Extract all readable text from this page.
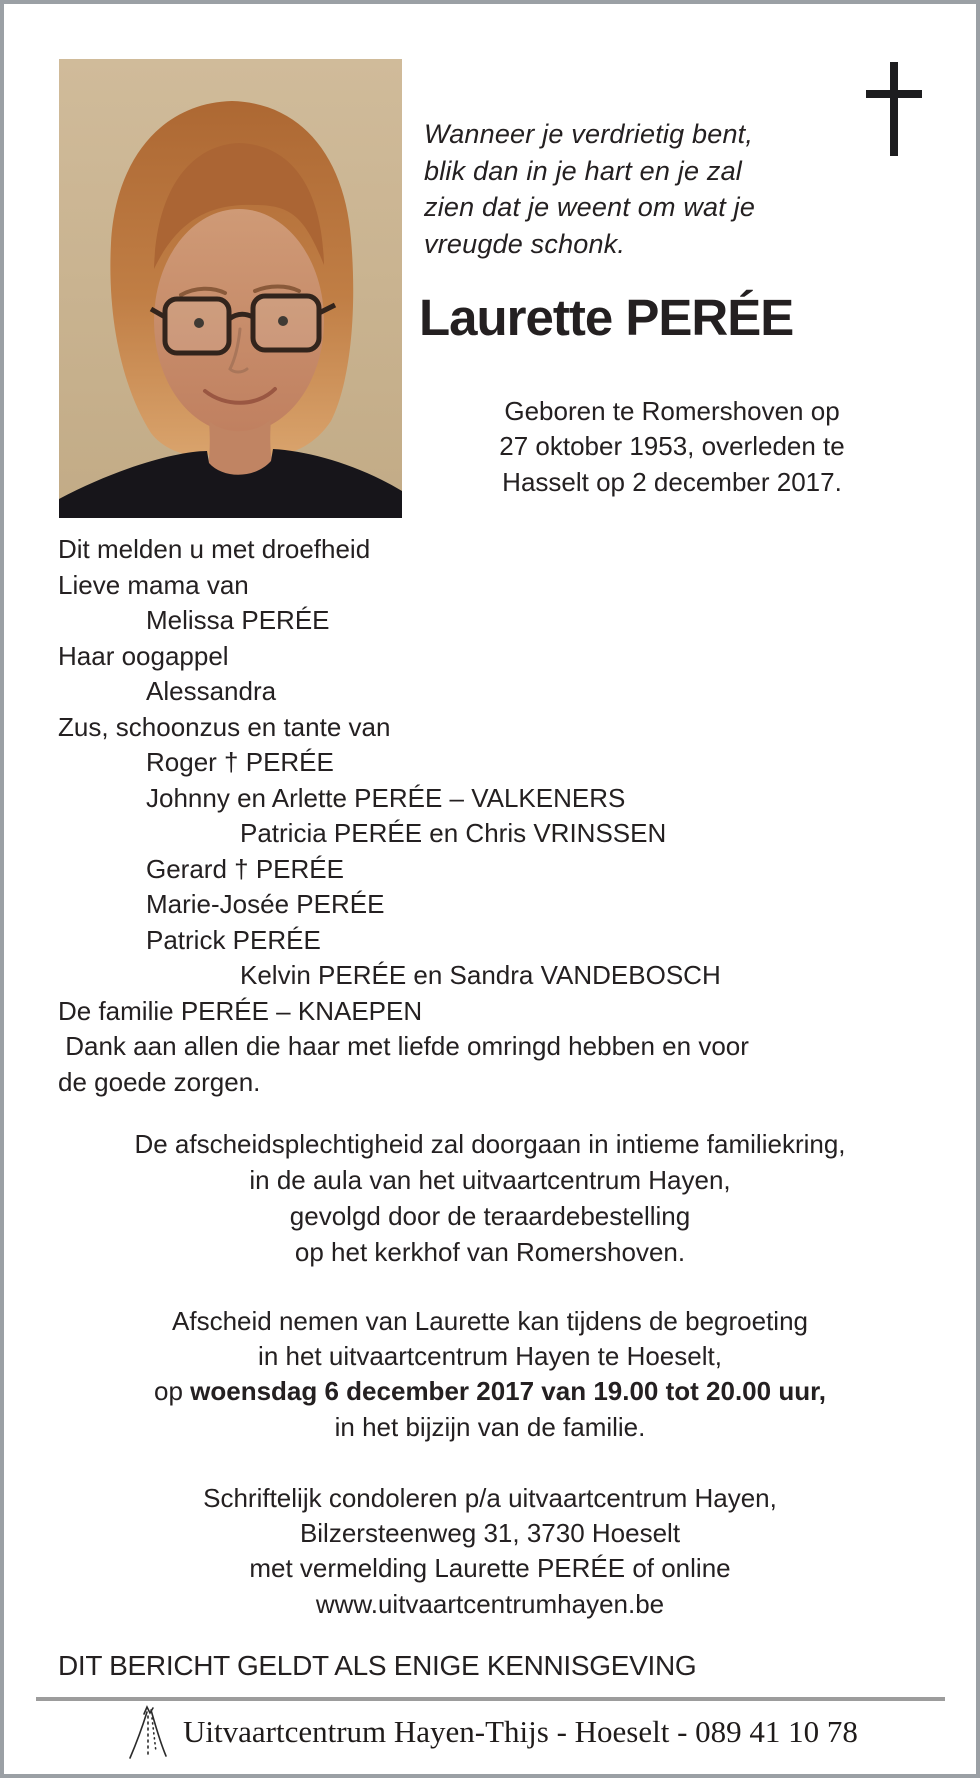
Wanneer je verdrietig bent,
blik dan in je hart en je zal
zien dat je weent om wat je
vreugde schonk.
Laurette PERÉE
Geboren te Romershoven op
27 oktober 1953, overleden te
Hasselt op 2 december 2017.
Dit melden u met droefheid
Lieve mama van
Melissa PERÉE
Haar oogappel
Alessandra
Zus, schoonzus en tante van
Roger † PERÉE
Johnny en Arlette PERÉE – VALKENERS
Patricia PERÉE en Chris VRINSSEN
Gerard † PERÉE
Marie-Josée PERÉE
Patrick PERÉE
Kelvin PERÉE en Sandra VANDEBOSCH
De familie PERÉE – KNAEPEN
Dank aan allen die haar met liefde omringd hebben en voor
de goede zorgen.
De afscheidsplechtigheid zal doorgaan in intieme familiekring,
in de aula van het uitvaartcentrum Hayen,
gevolgd door de teraardebestelling
op het kerkhof van Romershoven.
Afscheid nemen van Laurette kan tijdens de begroeting
in het uitvaartcentrum Hayen te Hoeselt,
op woensdag 6 december 2017 van 19.00 tot 20.00 uur,
in het bijzijn van de familie.
Schriftelijk condoleren p/a uitvaartcentrum Hayen,
Bilzersteenweg 31, 3730 Hoeselt
met vermelding Laurette PERÉE of online
www.uitvaartcentrumhayen.be
DIT BERICHT GELDT ALS ENIGE KENNISGEVING
Uitvaartcentrum Hayen-Thijs - Hoeselt - 089 41 10 78
